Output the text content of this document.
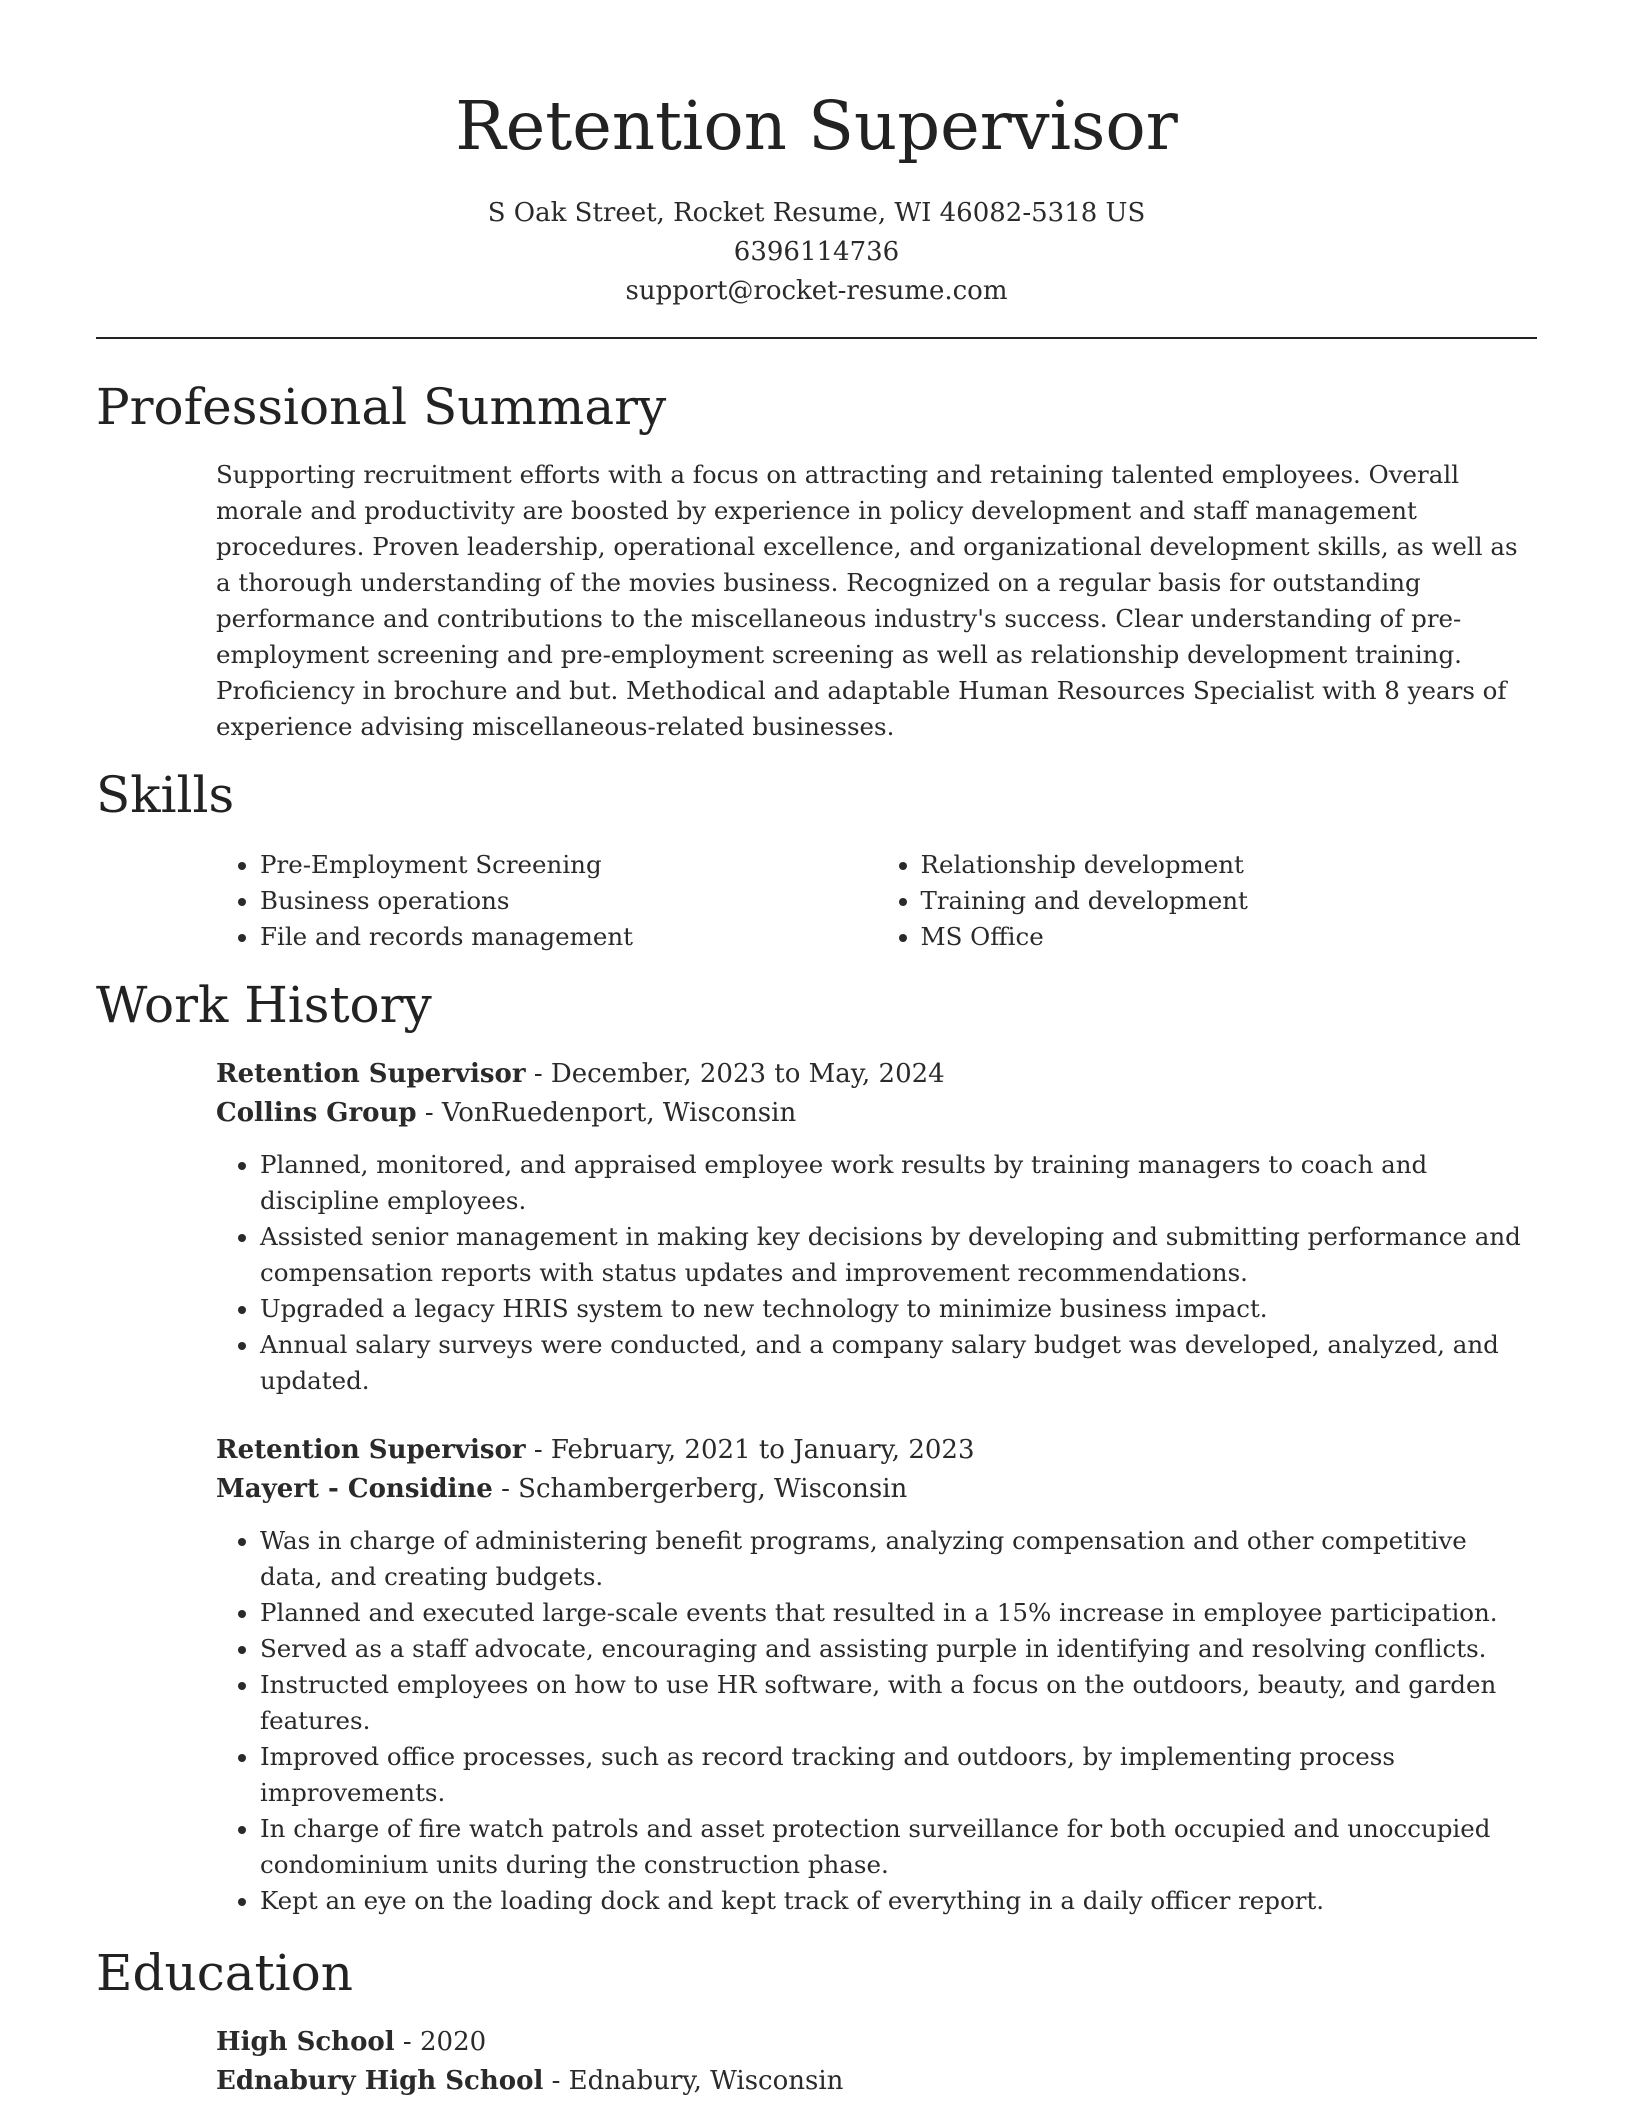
Retention Supervisor
S Oak Street, Rocket Resume, WI 46082-5318 US
6396114736
support@rocket-resume.com
Professional Summary

Supporting recruitment efforts with a focus on attracting and retaining talented employees. Overall morale and productivity are boosted by experience in policy development and staff management procedures. Proven leadership, operational excellence, and organizational development skills, as well as a thorough understanding of the movies business. Recognized on a regular basis for outstanding performance and contributions to the miscellaneous industry's success. Clear understanding of pre-employment screening and pre-employment screening as well as relationship development training. Proficiency in brochure and but. Methodical and adaptable Human Resources Specialist with 8 years of experience advising miscellaneous-related businesses.

Skills
• Pre-Employment Screening
• Business operations
• File and records management
• Relationship development
• Training and development
• MS Office
Work History
Retention Supervisor - December, 2023 to May, 2024
Collins Group - VonRuedenport, Wisconsin
• Planned, monitored, and appraised employee work results by training managers to coach and discipline employees.
• Assisted senior management in making key decisions by developing and submitting performance and compensation reports with status updates and improvement recommendations.
• Upgraded a legacy HRIS system to new technology to minimize business impact.
• Annual salary surveys were conducted, and a company salary budget was developed, analyzed, and updated.
Retention Supervisor - February, 2021 to January, 2023
Mayert - Considine - Schambergerberg, Wisconsin
• Was in charge of administering benefit programs, analyzing compensation and other competitive data, and creating budgets.
• Planned and executed large-scale events that resulted in a 15% increase in employee participation.
• Served as a staff advocate, encouraging and assisting purple in identifying and resolving conflicts.
• Instructed employees on how to use HR software, with a focus on the outdoors, beauty, and garden features.
• Improved office processes, such as record tracking and outdoors, by implementing process improvements.
• In charge of fire watch patrols and asset protection surveillance for both occupied and unoccupied condominium units during the construction phase.
• Kept an eye on the loading dock and kept track of everything in a daily officer report.
Education
High School - 2020
Ednabury High School - Ednabury, Wisconsin
